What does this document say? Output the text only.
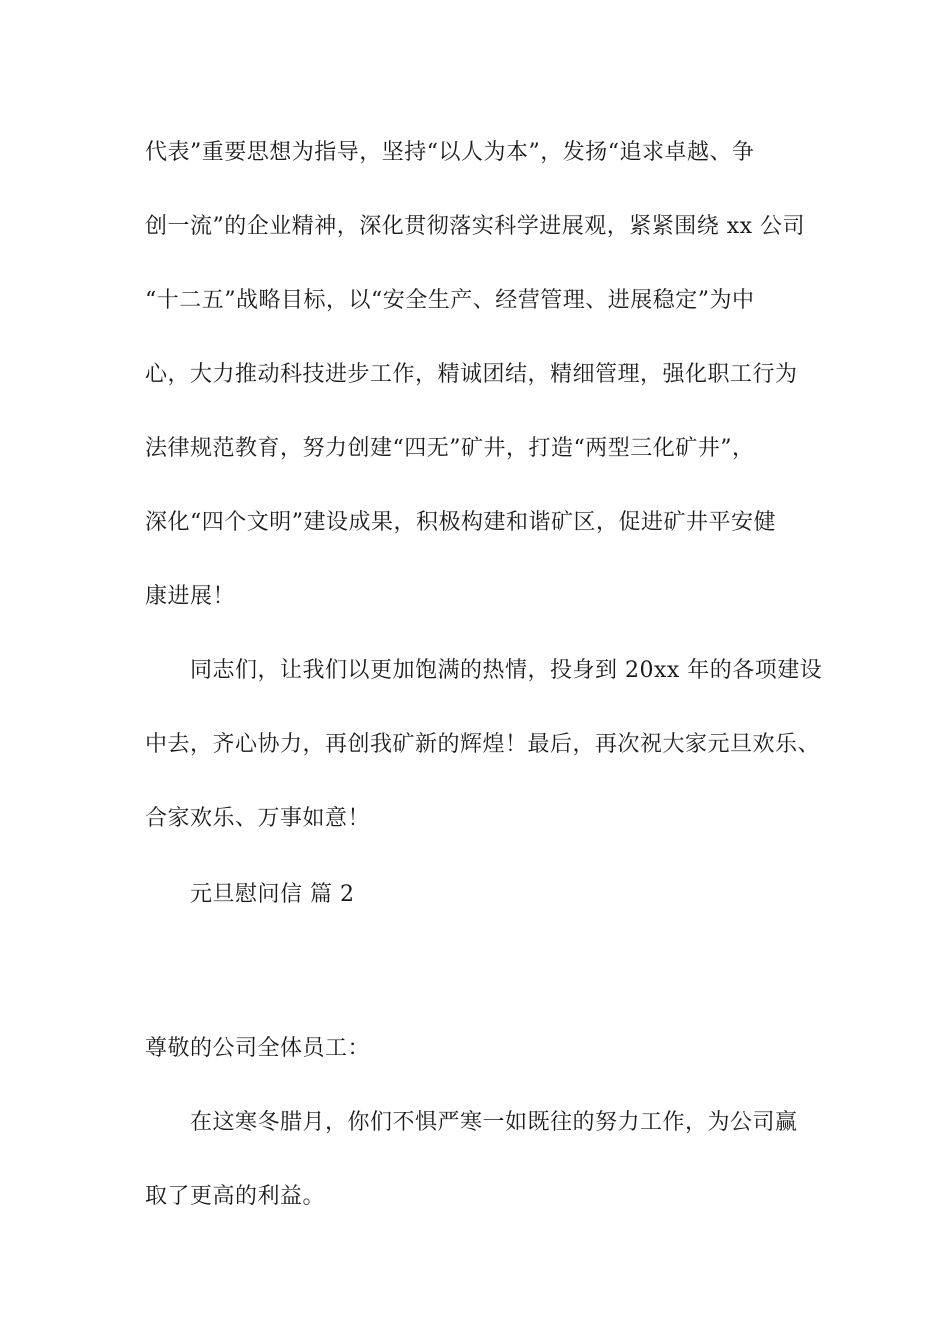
代表”重要思想为指导，坚持“以人为本”，发扬“追求卓越、争
创一流”的企业精神，深化贯彻落实科学进展观，紧紧围绕 xx 公司
“十二五”战略目标，以“安全生产、经营管理、进展稳定”为中
心，大力推动科技进步工作，精诚团结，精细管理，强化职工行为
法律规范教育，努力创建“四无”矿井，打造“两型三化矿井”，
深化“四个文明”建设成果，积极构建和谐矿区，促进矿井平安健
康进展！
同志们，让我们以更加饱满的热情，投身到 20xx 年的各项建设
中去，齐心协力，再创我矿新的辉煌！最后，再次祝大家元旦欢乐、
合家欢乐、万事如意！
元旦慰问信 篇 2
尊敬的公司全体员工：
在这寒冬腊月，你们不惧严寒一如既往的努力工作，为公司赢
取了更高的利益。
